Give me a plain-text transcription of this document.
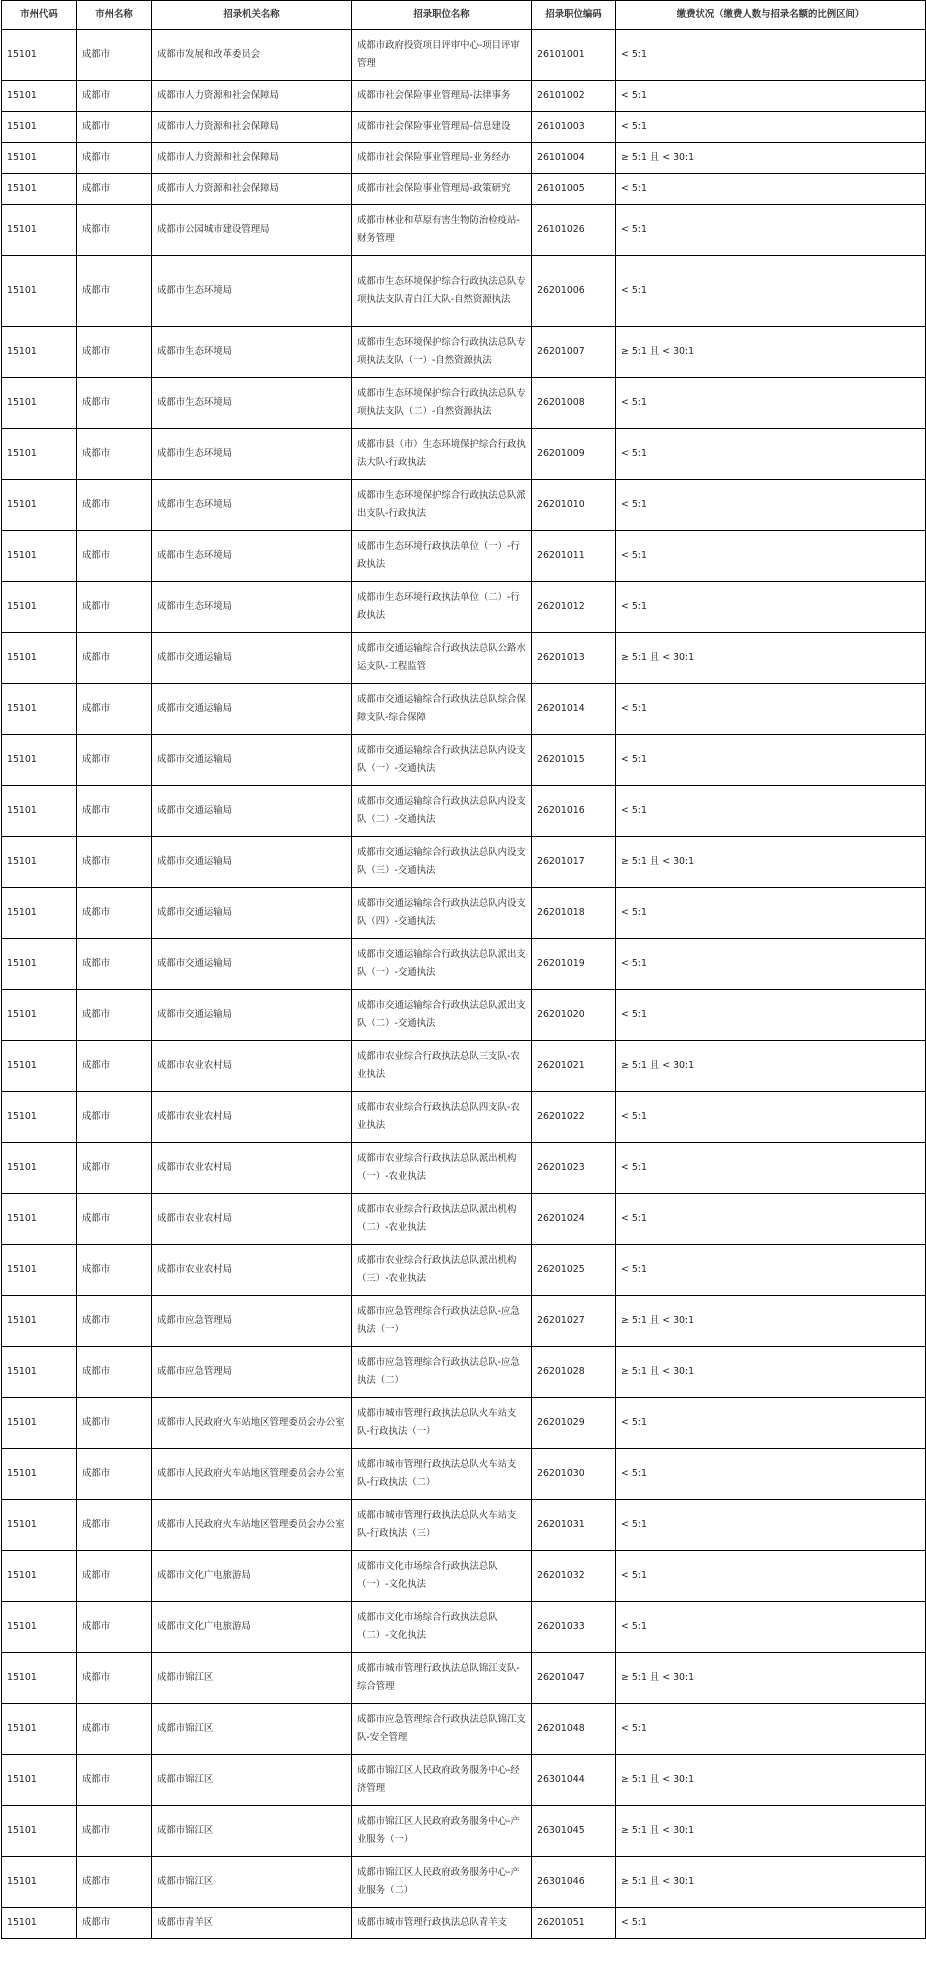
市州代码	市州名称	招录机关名称	招录职位名称	招录职位编码	缴费状况（缴费人数与招录名额的比例区间）
15101	成都市	成都市发展和改革委员会	成都市政府投资项目评审中心-项目评审管理	26101001	< 5:1
15101	成都市	成都市人力资源和社会保障局	成都市社会保险事业管理局-法律事务	26101002	< 5:1
15101	成都市	成都市人力资源和社会保障局	成都市社会保险事业管理局-信息建设	26101003	< 5:1
15101	成都市	成都市人力资源和社会保障局	成都市社会保险事业管理局-业务经办	26101004	≥ 5:1 且 < 30:1
15101	成都市	成都市人力资源和社会保障局	成都市社会保险事业管理局-政策研究	26101005	< 5:1
15101	成都市	成都市公园城市建设管理局	成都市林业和草原有害生物防治检疫站-财务管理	26101026	< 5:1
15101	成都市	成都市生态环境局	成都市生态环境保护综合行政执法总队专项执法支队青白江大队-自然资源执法	26201006	< 5:1
15101	成都市	成都市生态环境局	成都市生态环境保护综合行政执法总队专项执法支队（一）-自然资源执法	26201007	≥ 5:1 且 < 30:1
15101	成都市	成都市生态环境局	成都市生态环境保护综合行政执法总队专项执法支队（二）-自然资源执法	26201008	< 5:1
15101	成都市	成都市生态环境局	成都市县（市）生态环境保护综合行政执法大队-行政执法	26201009	< 5:1
15101	成都市	成都市生态环境局	成都市生态环境保护综合行政执法总队派出支队-行政执法	26201010	< 5:1
15101	成都市	成都市生态环境局	成都市生态环境行政执法单位（一）-行政执法	26201011	< 5:1
15101	成都市	成都市生态环境局	成都市生态环境行政执法单位（二）-行政执法	26201012	< 5:1
15101	成都市	成都市交通运输局	成都市交通运输综合行政执法总队公路水运支队-工程监管	26201013	≥ 5:1 且 < 30:1
15101	成都市	成都市交通运输局	成都市交通运输综合行政执法总队综合保障支队-综合保障	26201014	< 5:1
15101	成都市	成都市交通运输局	成都市交通运输综合行政执法总队内设支队（一）-交通执法	26201015	< 5:1
15101	成都市	成都市交通运输局	成都市交通运输综合行政执法总队内设支队（二）-交通执法	26201016	< 5:1
15101	成都市	成都市交通运输局	成都市交通运输综合行政执法总队内设支队（三）-交通执法	26201017	≥ 5:1 且 < 30:1
15101	成都市	成都市交通运输局	成都市交通运输综合行政执法总队内设支队（四）-交通执法	26201018	< 5:1
15101	成都市	成都市交通运输局	成都市交通运输综合行政执法总队派出支队（一）-交通执法	26201019	< 5:1
15101	成都市	成都市交通运输局	成都市交通运输综合行政执法总队派出支队（二）-交通执法	26201020	< 5:1
15101	成都市	成都市农业农村局	成都市农业综合行政执法总队三支队-农业执法	26201021	≥ 5:1 且 < 30:1
15101	成都市	成都市农业农村局	成都市农业综合行政执法总队四支队-农业执法	26201022	< 5:1
15101	成都市	成都市农业农村局	成都市农业综合行政执法总队派出机构（一）-农业执法	26201023	< 5:1
15101	成都市	成都市农业农村局	成都市农业综合行政执法总队派出机构（二）-农业执法	26201024	< 5:1
15101	成都市	成都市农业农村局	成都市农业综合行政执法总队派出机构（三）-农业执法	26201025	< 5:1
15101	成都市	成都市应急管理局	成都市应急管理综合行政执法总队-应急执法（一）	26201027	≥ 5:1 且 < 30:1
15101	成都市	成都市应急管理局	成都市应急管理综合行政执法总队-应急执法（二）	26201028	≥ 5:1 且 < 30:1
15101	成都市	成都市人民政府火车站地区管理委员会办公室	成都市城市管理行政执法总队火车站支队-行政执法（一）	26201029	< 5:1
15101	成都市	成都市人民政府火车站地区管理委员会办公室	成都市城市管理行政执法总队火车站支队-行政执法（二）	26201030	< 5:1
15101	成都市	成都市人民政府火车站地区管理委员会办公室	成都市城市管理行政执法总队火车站支队-行政执法（三）	26201031	< 5:1
15101	成都市	成都市文化广电旅游局	成都市文化市场综合行政执法总队（一）-文化执法	26201032	< 5:1
15101	成都市	成都市文化广电旅游局	成都市文化市场综合行政执法总队（二）-文化执法	26201033	< 5:1
15101	成都市	成都市锦江区	成都市城市管理行政执法总队锦江支队-综合管理	26201047	≥ 5:1 且 < 30:1
15101	成都市	成都市锦江区	成都市应急管理综合行政执法总队锦江支队-安全管理	26201048	< 5:1
15101	成都市	成都市锦江区	成都市锦江区人民政府政务服务中心-经济管理	26301044	≥ 5:1 且 < 30:1
15101	成都市	成都市锦江区	成都市锦江区人民政府政务服务中心-产业服务（一）	26301045	≥ 5:1 且 < 30:1
15101	成都市	成都市锦江区	成都市锦江区人民政府政务服务中心-产业服务（二）	26301046	≥ 5:1 且 < 30:1
15101	成都市	成都市青羊区	成都市城市管理行政执法总队青羊支	26201051	< 5:1
